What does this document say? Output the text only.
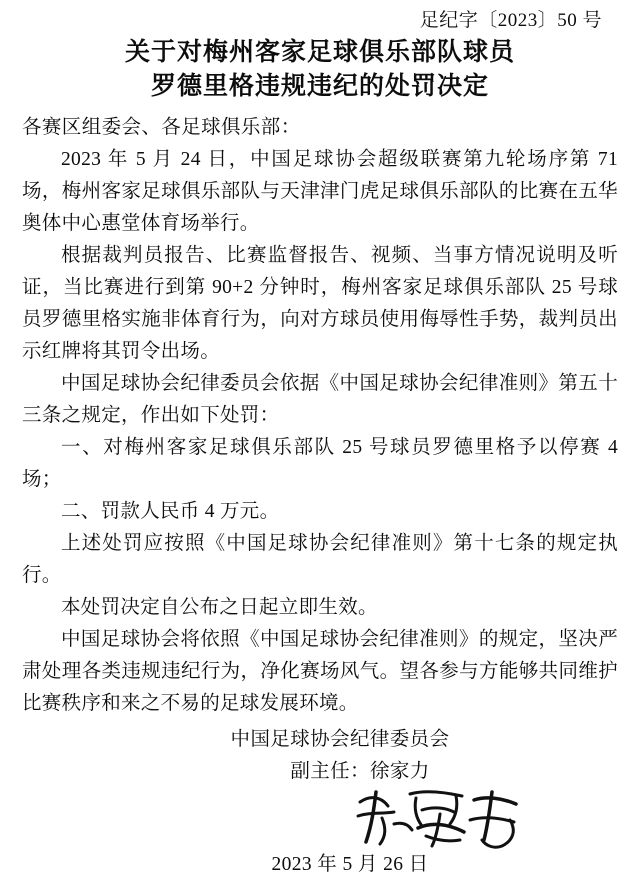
足纪字〔2023〕50 号
关于对梅州客家足球俱乐部队球员
罗德里格违规违纪的处罚决定
各赛区组委会、各足球俱乐部：

2023 年 5 月 24 日，中国足球协会超级联赛第九轮场序第 71 场，梅州客家足球俱乐部队与天津津门虎足球俱乐部队的比赛在五华奥体中心惠堂体育场举行。

根据裁判员报告、比赛监督报告、视频、当事方情况说明及听证，当比赛进行到第 90+2 分钟时，梅州客家足球俱乐部队 25 号球员罗德里格实施非体育行为，向对方球员使用侮辱性手势，裁判员出示红牌将其罚令出场。

中国足球协会纪律委员会依据《中国足球协会纪律准则》第五十三条之规定，作出如下处罚：

一、对梅州客家足球俱乐部队 25 号球员罗德里格予以停赛 4 场；

二、罚款人民币 4 万元。

上述处罚应按照《中国足球协会纪律准则》第十七条的规定执行。

本处罚决定自公布之日起立即生效。

中国足球协会将依照《中国足球协会纪律准则》的规定，坚决严肃处理各类违规违纪行为，净化赛场风气。望各参与方能够共同维护比赛秩序和来之不易的足球发展环境。

中国足球协会纪律委员会
副主任：徐家力
2023 年 5 月 26 日
